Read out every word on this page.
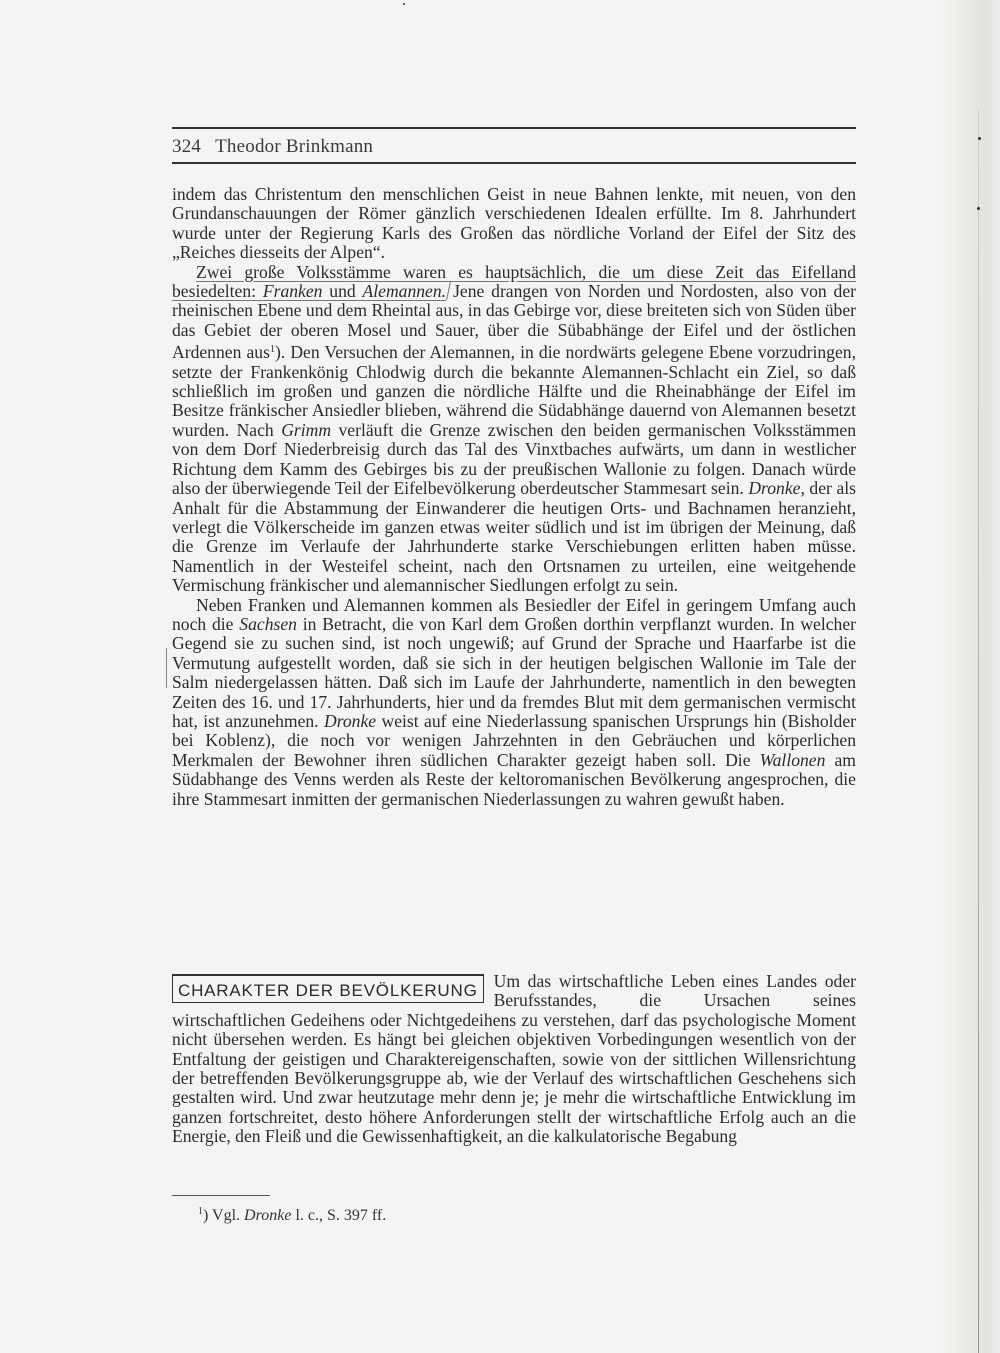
324 Theodor Brinkmann

indem das Christentum den menschlichen Geist in neue Bahnen lenkte, mit neuen, von den Grundanschauungen der Römer gänzlich verschiedenen Idealen erfüllte. Im 8. Jahrhundert wurde unter der Regierung Karls des Großen das nördliche Vorland der Eifel der Sitz des „Reiches diesseits der Alpen“.

Zwei große Volksstämme waren es hauptsächlich, die um diese Zeit das Eifelland besiedelten: Franken und Alemannen. Jene drangen von Norden und Nordosten, also von der rheinischen Ebene und dem Rheintal aus, in das Gebirge vor, diese breiteten sich von Süden über das Gebiet der oberen Mosel und Sauer, über die Sübabhänge der Eifel und der östlichen Ardennen aus$^1$). Den Versuchen der Alemannen, in die nordwärts gelegene Ebene vorzudringen, setzte der Frankenkönig Chlodwig durch die bekannte Alemannen-Schlacht ein Ziel, so daß schließlich im großen und ganzen die nördliche Hälfte und die Rheinabhänge der Eifel im Besitze fränkischer Ansiedler blieben, während die Südabhänge dauernd von Alemannen besetzt wurden. Nach Grimm verläuft die Grenze zwischen den beiden germanischen Volksstämmen von dem Dorf Niederbreisig durch das Tal des Vinxtbaches aufwärts, um dann in westlicher Richtung dem Kamm des Gebirges bis zu der preußischen Wallonie zu folgen. Danach würde also der überwiegende Teil der Eifelbevölkerung oberdeutscher Stammesart sein. Dronke, der als Anhalt für die Abstammung der Einwanderer die heutigen Orts- und Bachnamen heranzieht, verlegt die Völkerscheide im ganzen etwas weiter südlich und ist im übrigen der Meinung, daß die Grenze im Verlaufe der Jahrhunderte starke Verschiebungen erlitten haben müsse. Namentlich in der Westeifel scheint, nach den Ortsnamen zu urteilen, eine weitgehende Vermischung fränkischer und alemannischer Siedlungen erfolgt zu sein.

Neben Franken und Alemannen kommen als Besiedler der Eifel in geringem Umfang auch noch die Sachsen in Betracht, die von Karl dem Großen dorthin verpflanzt wurden. In welcher Gegend sie zu suchen sind, ist noch ungewiß; auf Grund der Sprache und Haarfarbe ist die Vermutung aufgestellt worden, daß sie sich in der heutigen belgischen Wallonie im Tale der Salm niedergelassen hätten. Daß sich im Laufe der Jahrhunderte, namentlich in den bewegten Zeiten des 16. und 17. Jahrhunderts, hier und da fremdes Blut mit dem germanischen vermischt hat, ist anzunehmen. Dronke weist auf eine Niederlassung spanischen Ursprungs hin (Bisholder bei Koblenz), die noch vor wenigen Jahrzehnten in den Gebräuchen und körperlichen Merkmalen der Bewohner ihren südlichen Charakter gezeigt haben soll. Die Wallonen am Südabhange des Venns werden als Reste der keltoromanischen Bevölkerung angesprochen, die ihre Stammesart inmitten der germanischen Niederlassungen zu wahren gewußt haben.

CHARAKTER DER BEVÖLKERUNG Um das wirtschaftliche Leben eines Landes oder Berufsstandes, die Ursachen seines wirtschaftlichen Gedeihens oder Nichtgedeihens zu verstehen, darf das psychologische Moment nicht übersehen werden. Es hängt bei gleichen objektiven Vorbedingungen wesentlich von der Entfaltung der geistigen und Charaktereigenschaften, sowie von der sittlichen Willensrichtung der betreffenden Bevölkerungsgruppe ab, wie der Verlauf des wirtschaftlichen Geschehens sich gestalten wird. Und zwar heutzutage mehr denn je; je mehr die wirtschaftliche Entwicklung im ganzen fortschreitet, desto höhere Anforderungen stellt der wirtschaftliche Erfolg auch an die Energie, den Fleiß und die Gewissenhaftigkeit, an die kalkulatorische Begabung

$^1$) Vgl. Dronke l. c., S. 397 ff.
